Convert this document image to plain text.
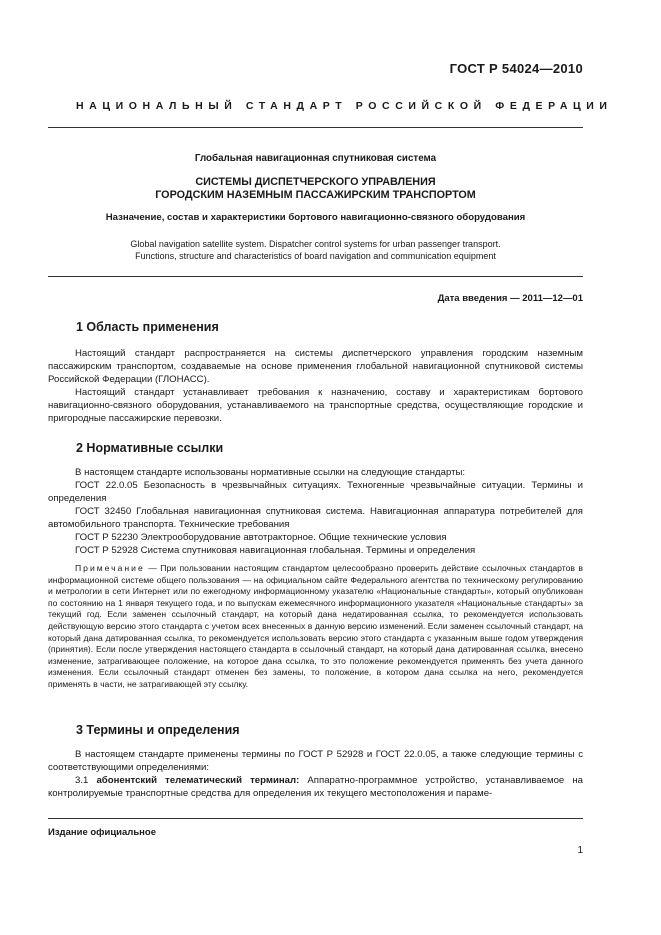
ГОСТ Р 54024—2010
НАЦИОНАЛЬНЫЙ СТАНДАРТ РОССИЙСКОЙ ФЕДЕРАЦИИ
Глобальная навигационная спутниковая система
СИСТЕМЫ ДИСПЕТЧЕРСКОГО УПРАВЛЕНИЯ
ГОРОДСКИМ НАЗЕМНЫМ ПАССАЖИРСКИМ ТРАНСПОРТОМ
Назначение, состав и характеристики бортового навигационно-связного оборудования
Global navigation satellite system. Dispatcher control systems for urban passenger transport.
Functions, structure and characteristics of board navigation and communication equipment
Дата введения — 2011—12—01
1 Область применения

Настоящий стандарт распространяется на системы диспетчерского управления городским наземным пассажирским транспортом, создаваемые на основе применения глобальной навигационной спутниковой системы Российской Федерации (ГЛОНАСС).

Настоящий стандарт устанавливает требования к назначению, составу и характеристикам бортового навигационно-связного оборудования, устанавливаемого на транспортные средства, осуществляющие городские и пригородные пассажирские перевозки.

2 Нормативные ссылки

В настоящем стандарте использованы нормативные ссылки на следующие стандарты:

ГОСТ 22.0.05 Безопасность в чрезвычайных ситуациях. Техногенные чрезвычайные ситуации. Термины и определения

ГОСТ 32450 Глобальная навигационная спутниковая система. Навигационная аппаратура потребителей для автомобильного транспорта. Технические требования

ГОСТ Р 52230 Электрооборудование автотракторное. Общие технические условия

ГОСТ Р 52928 Система спутниковая навигационная глобальная. Термины и определения

Примечание — При пользовании настоящим стандартом целесообразно проверить действие ссылочных стандартов в информационной системе общего пользования — на официальном сайте Федерального агентства по техническому регулированию и метрологии в сети Интернет или по ежегодному информационному указателю «Национальные стандарты», который опубликован по состоянию на 1 января текущего года, и по выпускам ежемесячного информационного указателя «Национальные стандарты» за текущий год. Если заменен ссылочный стандарт, на который дана недатированная ссылка, то рекомендуется использовать действующую версию этого стандарта с учетом всех внесенных в данную версию изменений. Если заменен ссылочный стандарт, на который дана датированная ссылка, то рекомендуется использовать версию этого стандарта с указанным выше годом утверждения (принятия). Если после утверждения настоящего стандарта в ссылочный стандарт, на который дана датированная ссылка, внесено изменение, затрагивающее положение, на которое дана ссылка, то это положение рекомендуется применять без учета данного изменения. Если ссылочный стандарт отменен без замены, то положение, в котором дана ссылка на него, рекомендуется применять в части, не затрагивающей эту ссылку.

3 Термины и определения

В настоящем стандарте применены термины по ГОСТ Р 52928 и ГОСТ 22.0.05, а также следующие термины с соответствующими определениями:

3.1 абонентский телематический терминал: Аппаратно-программное устройство, устанавливаемое на контролируемые транспортные средства для определения их текущего местоположения и параме-

Издание официальное
1
